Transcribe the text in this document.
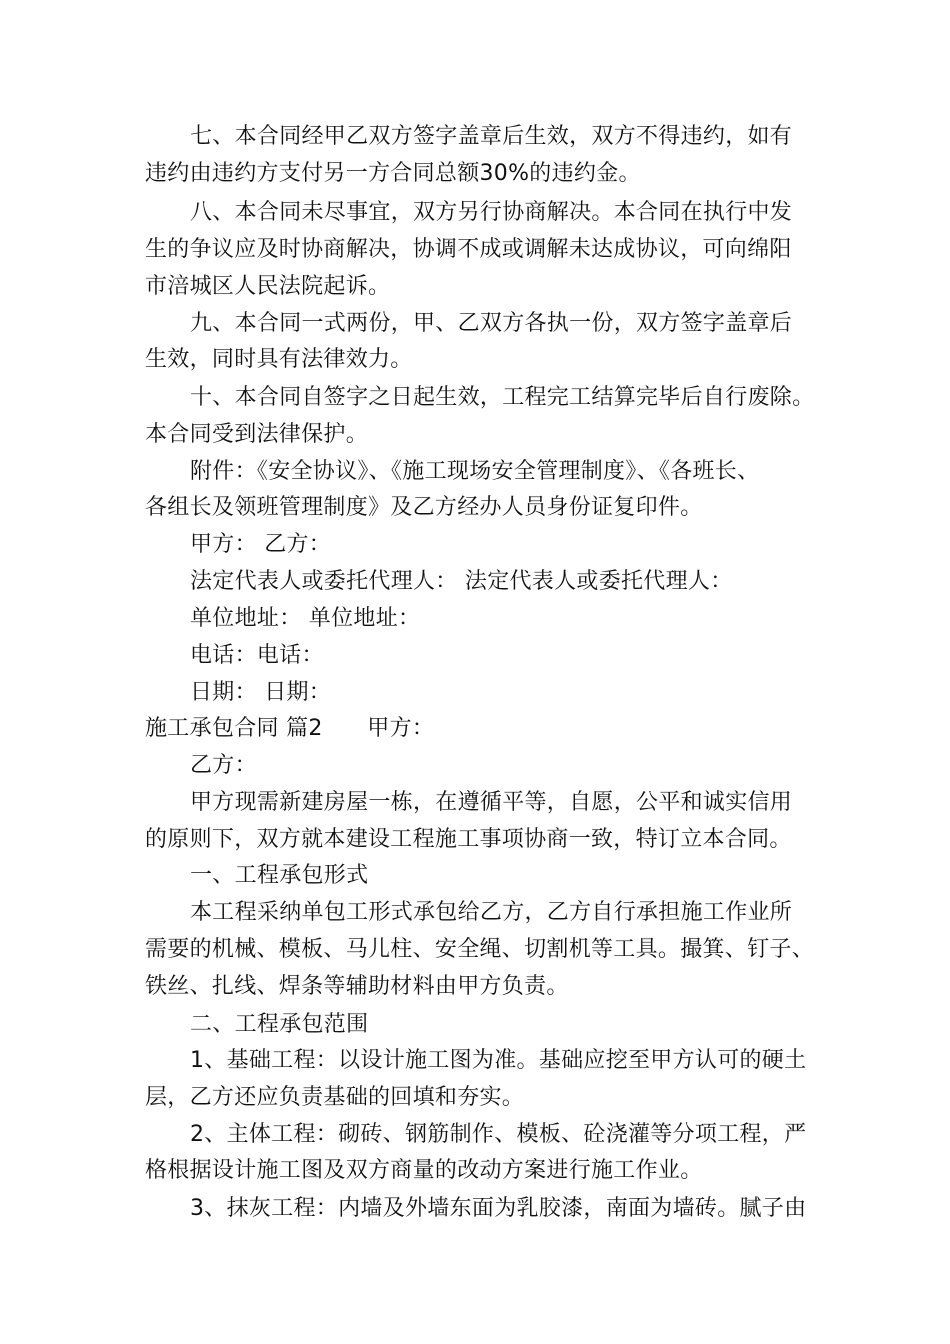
七、本合同经甲乙双方签字盖章后生效，双方不得违约，如有
违约由违约方支付另一方合同总额30%的违约金。
八、本合同未尽事宜，双方另行协商解决。本合同在执行中发
生的争议应及时协商解决，协调不成或调解未达成协议，可向绵阳
市涪城区人民法院起诉。
九、本合同一式两份，甲、乙双方各执一份，双方签字盖章后
生效，同时具有法律效力。
十、本合同自签字之日起生效，工程完工结算完毕后自行废除。
本合同受到法律保护。
附件：《安全协议》、《施工现场安全管理制度》、《各班长、
各组长及领班管理制度》及乙方经办人员身份证复印件。
甲方： 乙方：
法定代表人或委托代理人： 法定代表人或委托代理人：
单位地址： 单位地址：
电话：电话：
日期： 日期：
施工承包合同 篇2　　甲方：
乙方：
甲方现需新建房屋一栋，在遵循平等，自愿，公平和诚实信用
的原则下，双方就本建设工程施工事项协商一致，特订立本合同。
一、工程承包形式
本工程采纳单包工形式承包给乙方，乙方自行承担施工作业所
需要的机械、模板、马儿柱、安全绳、切割机等工具。撮箕、钉子、
铁丝、扎线、焊条等辅助材料由甲方负责。
二、工程承包范围
1、基础工程：以设计施工图为准。基础应挖至甲方认可的硬土
层，乙方还应负责基础的回填和夯实。
2、主体工程：砌砖、钢筋制作、模板、砼浇灌等分项工程，严
格根据设计施工图及双方商量的改动方案进行施工作业。
3、抹灰工程：内墙及外墙东面为乳胶漆，南面为墙砖。腻子由
